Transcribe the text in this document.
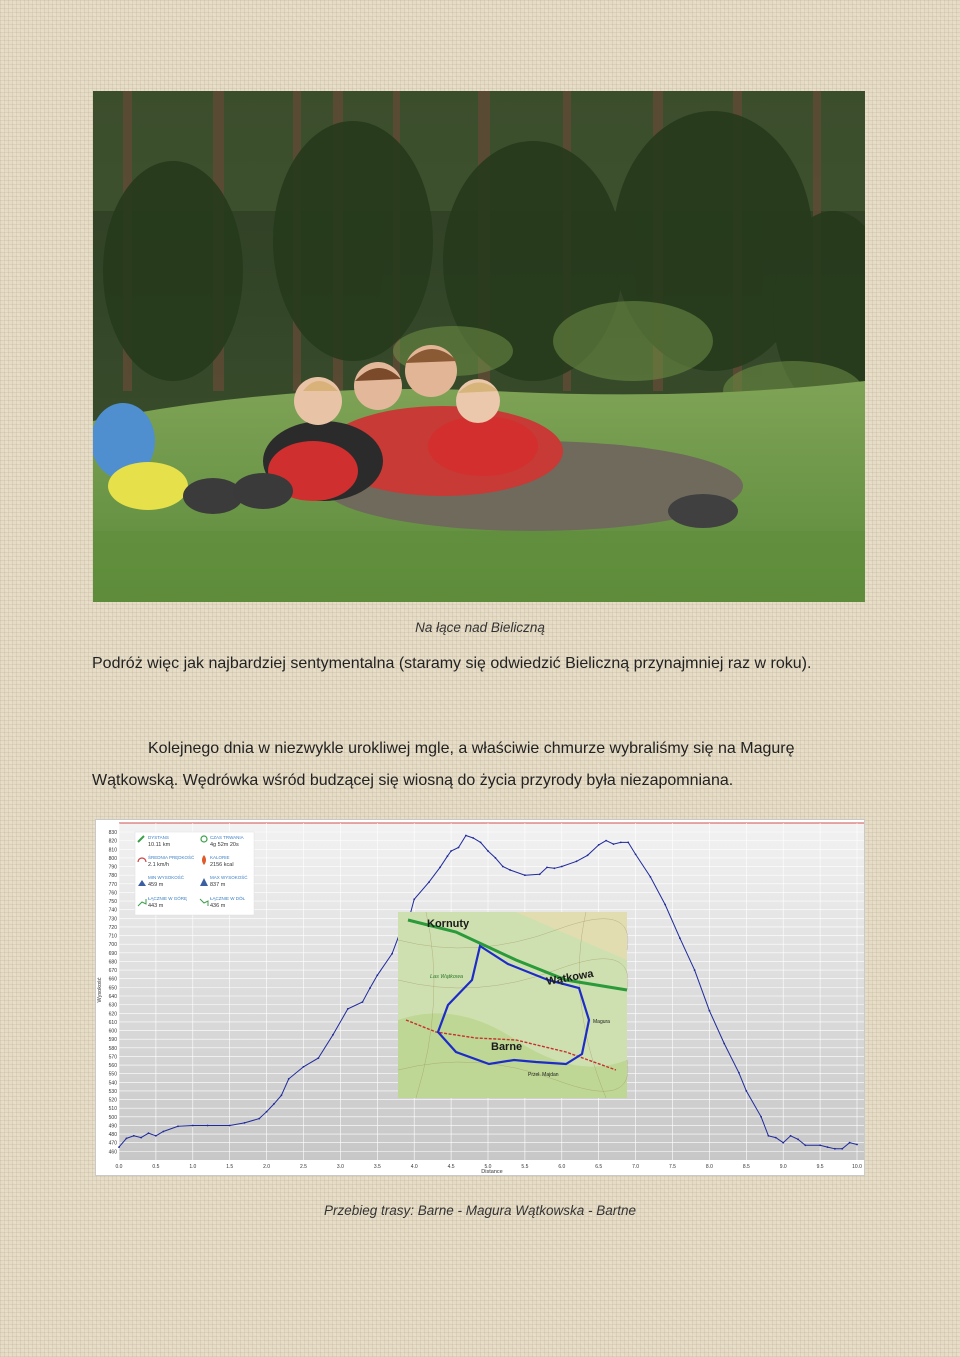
Na łące nad Bieliczną
Podróż więc jak najbardziej sentymentalna (staramy się odwiedzić Bieliczną przynajmniej raz w roku).
Kolejnego dnia w niezwykle urokliwej mgle, a właściwie chmurze wybraliśmy się na Magurę Wątkowską. Wędrówka wśród budzącej się wiosną do życia przyrody była niezapomniana.
460
470
480
490
500
510
520
530
540
550
560
570
580
590
600
610
620
630
640
650
660
670
680
690
700
710
720
730
740
750
760
770
780
790
800
810
820
830
0.0	0.5	1.0	1.5	2.0	2.5	3.0	3.5	4.0	4.5	5.0	5.5	6.0	6.5	7.0	7.5	8.0	8.5	9.0	9.5	10.0
Distance
Wysokość
DYSTANS
10.11 km
CZAS TRWANIA
4g 52m 20s
ŚREDNIA PRĘDKOŚĆ
2.1 km/h
KALORIE
2156 kcal
MIN WYSOKOŚĆ
459 m
MAX WYSOKOŚĆ
837 m
ŁĄCZNIE W GÓRĘ
443 m
ŁĄCZNIE W DÓŁ
436 m
Kornuty
Wątkowa
Barne
Magura
Las Wątkowa
Przeł. Majdan
Przebieg trasy: Barne - Magura Wątkowska - Bartne
